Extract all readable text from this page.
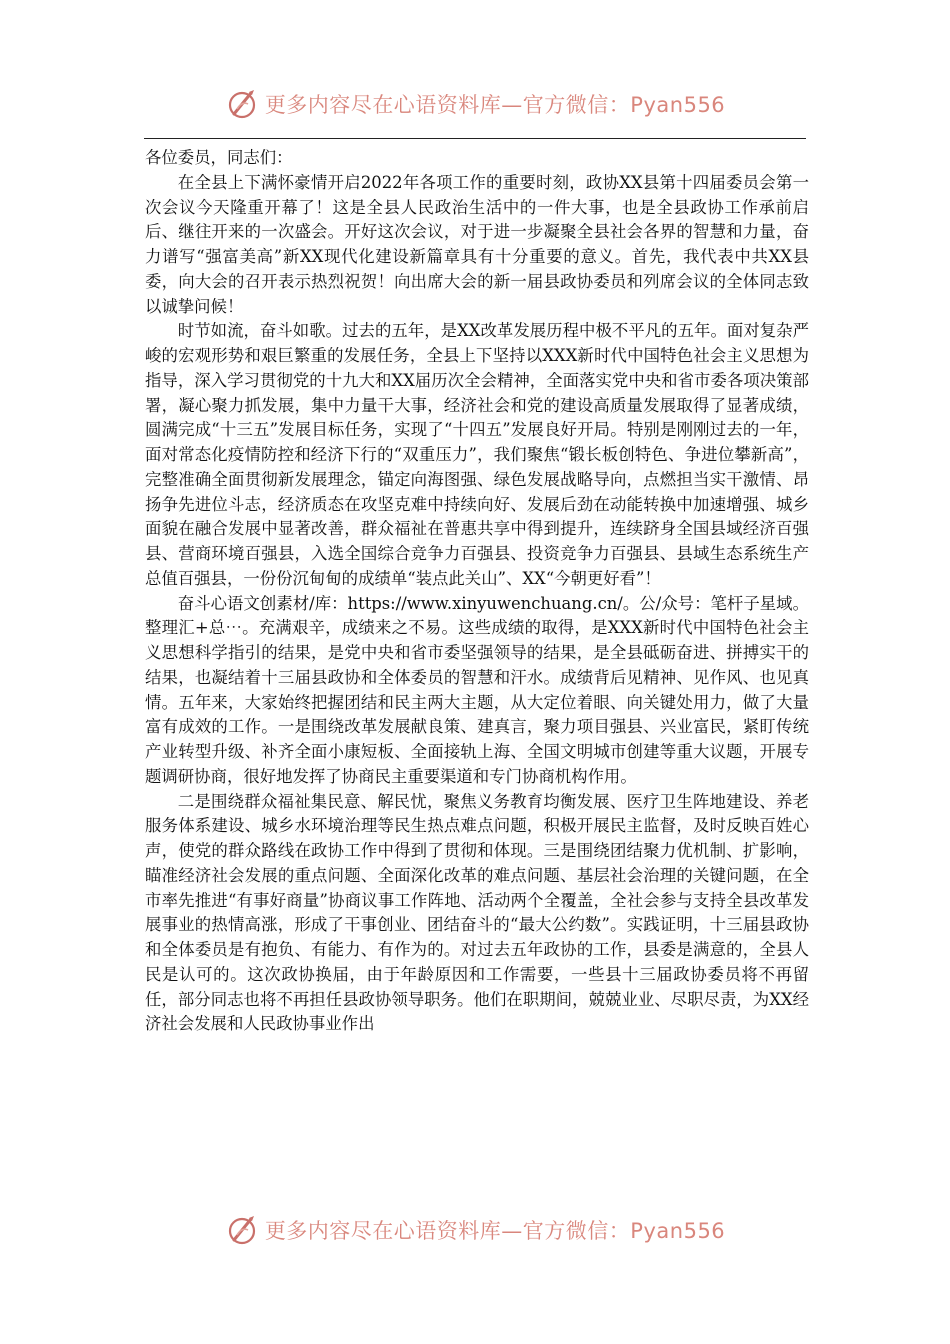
更多内容尽在心语资料库—官方微信：Pyan556

各位委员，同志们：

在全县上下满怀豪情开启2022年各项工作的重要时刻，政协XX县第十四届委员会第一次会议今天隆重开幕了！这是全县人民政治生活中的一件大事，也是全县政协工作承前启后、继往开来的一次盛会。开好这次会议，对于进一步凝聚全县社会各界的智慧和力量，奋力谱写“强富美高”新XX现代化建设新篇章具有十分重要的意义。首先，我代表中共XX县委，向大会的召开表示热烈祝贺！向出席大会的新一届县政协委员和列席会议的全体同志致以诚挚问候！

时节如流，奋斗如歌。过去的五年，是XX改革发展历程中极不平凡的五年。面对复杂严峻的宏观形势和艰巨繁重的发展任务，全县上下坚持以XXX新时代中国特色社会主义思想为指导，深入学习贯彻党的十九大和XX届历次全会精神，全面落实党中央和省市委各项决策部署，凝心聚力抓发展，集中力量干大事，经济社会和党的建设高质量发展取得了显著成绩，圆满完成“十三五”发展目标任务，实现了“十四五”发展良好开局。特别是刚刚过去的一年，面对常态化疫情防控和经济下行的“双重压力”，我们聚焦“锻长板创特色、争进位攀新高”，完整准确全面贯彻新发展理念，锚定向海图强、绿色发展战略导向，点燃担当实干激情、昂扬争先进位斗志，经济质态在攻坚克难中持续向好、发展后劲在动能转换中加速增强、城乡面貌在融合发展中显著改善，群众福祉在普惠共享中得到提升，连续跻身全国县域经济百强县、营商环境百强县，入选全国综合竞争力百强县、投资竞争力百强县、县域生态系统生产总值百强县，一份份沉甸甸的成绩单“装点此关山”、XX“今朝更好看”！

奋斗心语文创素材/库：https://www.xinyuwenchuang.cn/。公/众号：笔杆子星域。整理汇+总⋯。充满艰辛，成绩来之不易。这些成绩的取得，是XXX新时代中国特色社会主义思想科学指引的结果，是党中央和省市委坚强领导的结果，是全县砥砺奋进、拼搏实干的结果，也凝结着十三届县政协和全体委员的智慧和汗水。成绩背后见精神、见作风、也见真情。五年来，大家始终把握团结和民主两大主题，从大定位着眼、向关键处用力，做了大量富有成效的工作。一是围绕改革发展献良策、建真言，聚力项目强县、兴业富民，紧盯传统产业转型升级、补齐全面小康短板、全面接轨上海、全国文明城市创建等重大议题，开展专题调研协商，很好地发挥了协商民主重要渠道和专门协商机构作用。

二是围绕群众福祉集民意、解民忧，聚焦义务教育均衡发展、医疗卫生阵地建设、养老服务体系建设、城乡水环境治理等民生热点难点问题，积极开展民主监督，及时反映百姓心声，使党的群众路线在政协工作中得到了贯彻和体现。三是围绕团结聚力优机制、扩影响，瞄准经济社会发展的重点问题、全面深化改革的难点问题、基层社会治理的关键问题，在全市率先推进“有事好商量”协商议事工作阵地、活动两个全覆盖，全社会参与支持全县改革发展事业的热情高涨，形成了干事创业、团结奋斗的“最大公约数”。实践证明，十三届县政协和全体委员是有抱负、有能力、有作为的。对过去五年政协的工作，县委是满意的，全县人民是认可的。这次政协换届，由于年龄原因和工作需要，一些县十三届政协委员将不再留任，部分同志也将不再担任县政协领导职务。他们在职期间，兢兢业业、尽职尽责，为XX经济社会发展和人民政协事业作出

更多内容尽在心语资料库—官方微信：Pyan556
